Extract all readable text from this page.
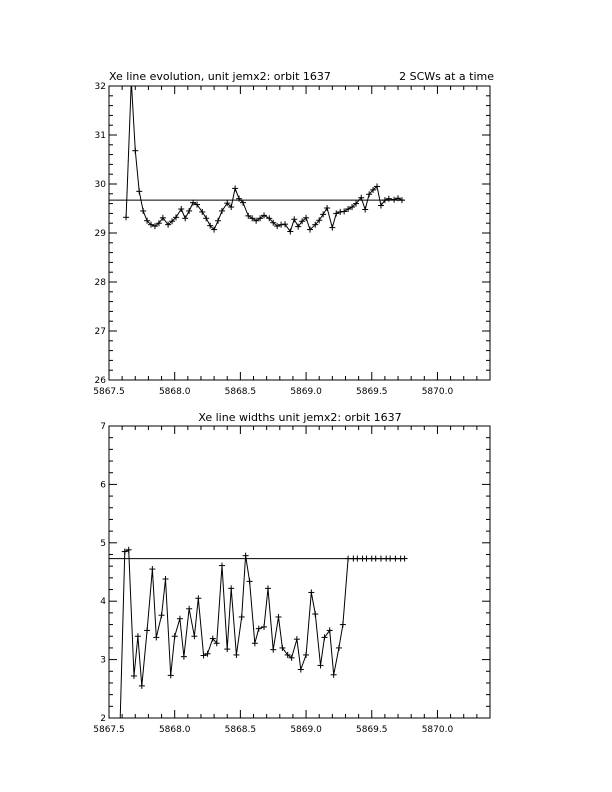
Xe line evolution, unit jemx2: orbit 1637	2 SCWs at a time
5867.5	5868.0	5868.5	5869.0	5869.5	5870.0
26
27
28
29
30
31
32
Xe line widths unit jemx2: orbit 1637
5867.5	5868.0	5868.5	5869.0	5869.5	5870.0
2
3
4
5
6
7
